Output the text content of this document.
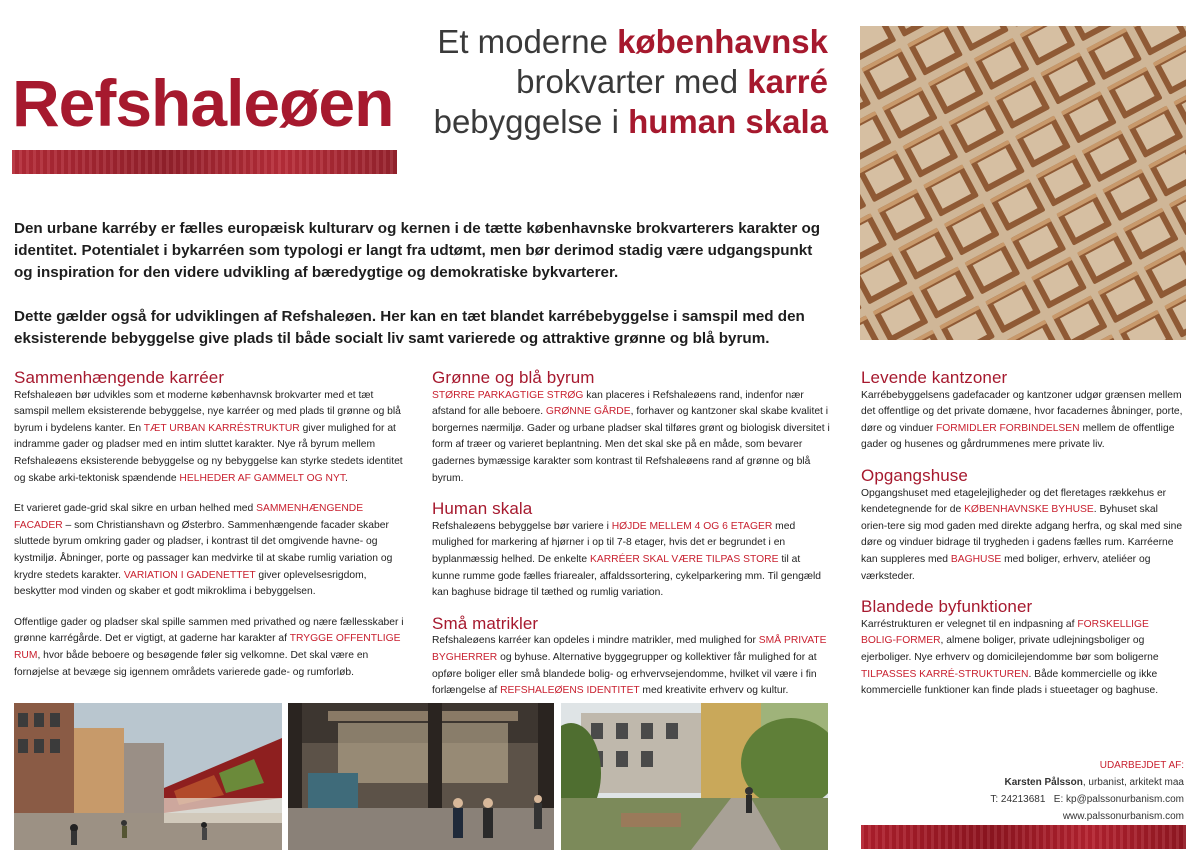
Refshaleøen
Et moderne københavnsk
brokvarter med karré
bebyggelse i human skala

Den urbane karréby er fælles europæisk kulturarv og kernen i de tætte københavnske brokvarterers karakter og identitet. Potentialet i bykarréen som typologi er langt fra udtømt, men bør derimod stadig være udgangspunkt og inspiration for den videre udvikling af bæredygtige og demokratiske bykvarterer.

Dette gælder også for udviklingen af Refshaleøen. Her kan en tæt blandet karrébebyggelse i samspil med den eksisterende bebyggelse give plads til både socialt liv samt varierede og attraktive grønne og blå byrum.

Sammenhængende karréer

Refshaleøen bør udvikles som et moderne københavnsk brokvarter med et tæt samspil mellem eksisterende bebyggelse, nye karréer og med plads til grønne og blå byrum i bydelens kanter. En TÆT URBAN KARRÉSTRUKTUR giver mulighed for at indramme gader og pladser med en intim sluttet karakter. Nye rå byrum mellem Refshaleøens eksisterende bebyggelse og ny bebyggelse kan styrke stedets identitet og skabe arki-tektonisk spændende HELHEDER AF GAMMELT OG NYT.

Et varieret gade-grid skal sikre en urban helhed med SAMMENHÆNGENDE FACADER – som Christianshavn og Østerbro. Sammenhængende facader skaber sluttede byrum omkring gader og pladser, i kontrast til det omgivende havne- og kystmiljø. Åbninger, porte og passager kan medvirke til at skabe rumlig variation og krydre stedets karakter. VARIATION I GADENETTET giver oplevelsesrigdom, beskytter mod vinden og skaber et godt mikroklima i bebyggelsen.

Offentlige gader og pladser skal spille sammen med privathed og nære fællesskaber i grønne karrégårde. Det er vigtigt, at gaderne har karakter af TRYGGE OFFENTLIGE RUM, hvor både beboere og besøgende føler sig velkomne. Det skal være en fornøjelse at bevæge sig igennem områdets varierede gade- og rumforløb.

Grønne og blå byrum

STØRRE PARKAGTIGE STRØG kan placeres i Refshaleøens rand, indenfor nær afstand for alle beboere. GRØNNE GÅRDE, forhaver og kantzoner skal skabe kvalitet i borgernes nærmiljø. Gader og urbane pladser skal tilføres grønt og biologisk diversitet i form af træer og varieret beplantning. Men det skal ske på en måde, som bevarer gadernes bymæssige karakter som kontrast til Refshaleøens rand af grønne og blå byrum.

Human skala

Refshaleøens bebyggelse bør variere i HØJDE MELLEM 4 OG 6 ETAGER med mulighed for markering af hjørner i op til 7-8 etager, hvis det er begrundet i en byplanmæssig helhed. De enkelte KARRÉER SKAL VÆRE TILPAS STORE til at kunne rumme gode fælles friarealer, affaldssortering, cykelparkering mm. Til gengæld kan baghuse bidrage til tæthed og rumlig variation.

Små matrikler

Refshaleøens karréer kan opdeles i mindre matrikler, med mulighed for SMÅ PRIVATE BYGHERRER og byhuse. Alternative byggegrupper og kollektiver får mulighed for at opføre boliger eller små blandede bolig- og erhvervsejendomme, hvilket vil være i fin forlængelse af REFSHALEØENS IDENTITET med kreativite erhverv og kultur.

Levende kantzoner

Karrébebyggelsens gadefacader og kantzoner udgør grænsen mellem det offentlige og det private domæne, hvor facadernes åbninger, porte, døre og vinduer FORMIDLER FORBINDELSEN mellem de offentlige gader og husenes og gårdrummenes mere private liv.

Opgangshuse

Opgangshuset med etagelejligheder og det fleretages rækkehus er kendetegnende for de KØBENHAVNSKE BYHUSE. Byhuset skal orien-tere sig mod gaden med direkte adgang herfra, og skal med sine døre og vinduer bidrage til trygheden i gadens fælles rum. Karréerne kan suppleres med BAGHUSE med boliger, erhverv, ateliéer og værksteder.

Blandede byfunktioner

Karréstrukturen er velegnet til en indpasning af FORSKELLIGE BOLIG-FORMER, almene boliger, private udlejningsboliger og ejerboliger. Nye erhverv og domicilejendomme bør som boligerne TILPASSES KARRÉ-STRUKTUREN. Både kommercielle og ikke kommercielle funktioner kan finde plads i stueetager og baghuse.

UDARBEJDET AF:
Karsten Pålsson, urbanist, arkitekt maa
T: 24213681 E: kp@palssonurbanism.com
www.palssonurbanism.com
